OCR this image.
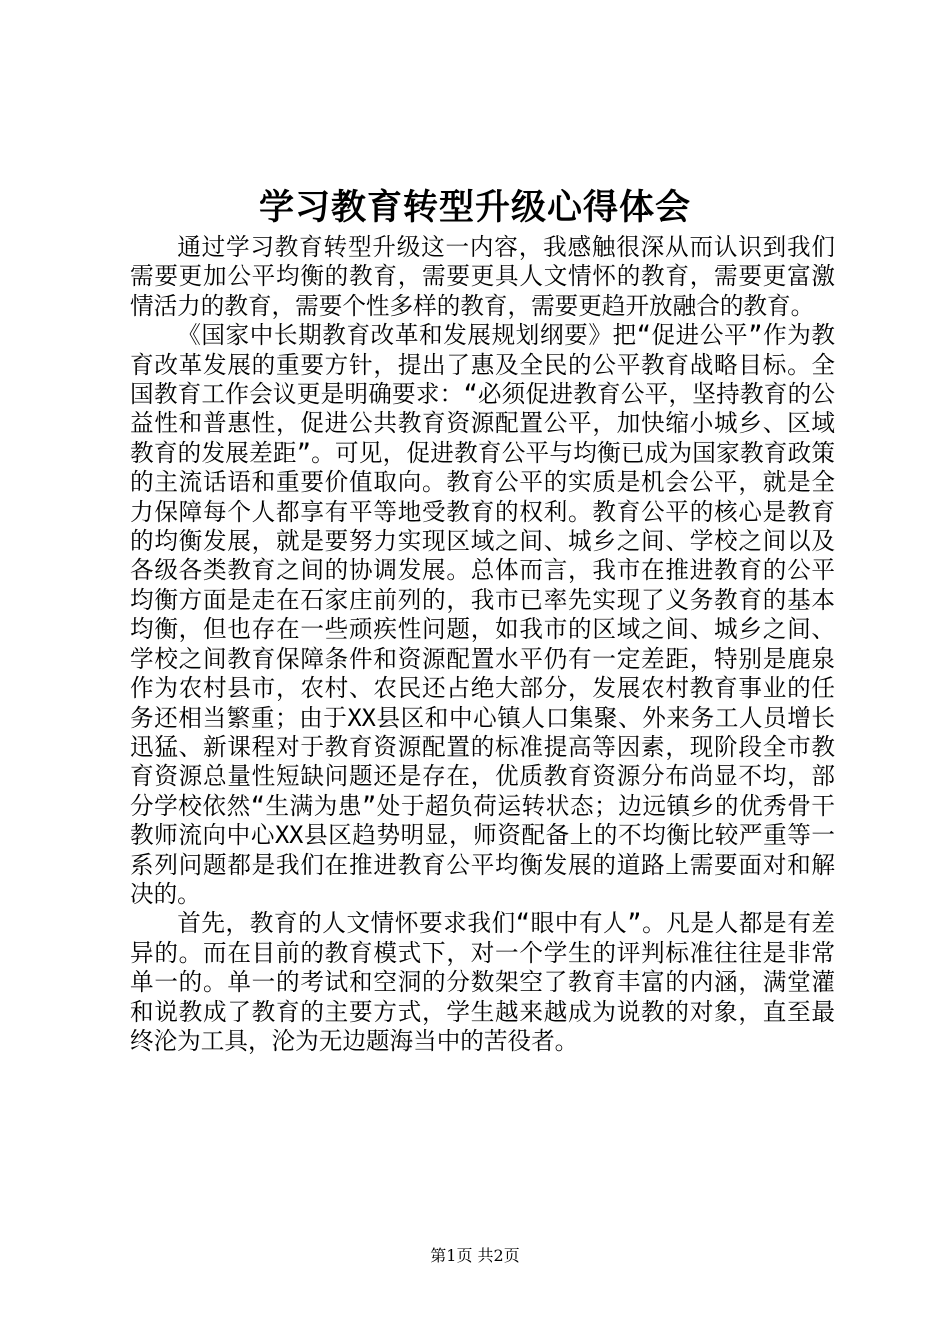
学习教育转型升级心得体会

通过学习教育转型升级这一内容，我感触很深从而认识到我们需要更加公平均衡的教育，需要更具人文情怀的教育，需要更富激情活力的教育，需要个性多样的教育，需要更趋开放融合的教育。

《国家中长期教育改革和发展规划纲要》把“促进公平”作为教育改革发展的重要方针，提出了惠及全民的公平教育战略目标。全国教育工作会议更是明确要求：“必须促进教育公平，坚持教育的公益性和普惠性，促进公共教育资源配置公平，加快缩小城乡、区域教育的发展差距”。可见，促进教育公平与均衡已成为国家教育政策的主流话语和重要价值取向。教育公平的实质是机会公平，就是全力保障每个人都享有平等地受教育的权利。教育公平的核心是教育的均衡发展，就是要努力实现区域之间、城乡之间、学校之间以及各级各类教育之间的协调发展。总体而言，我市在推进教育的公平均衡方面是走在石家庄前列的，我市已率先实现了义务教育的基本均衡，但也存在一些顽疾性问题，如我市的区域之间、城乡之间、学校之间教育保障条件和资源配置水平仍有一定差距，特别是鹿泉作为农村县市，农村、农民还占绝大部分，发展农村教育事业的任务还相当繁重；由于XX县区和中心镇人口集聚、外来务工人员增长迅猛、新课程对于教育资源配置的标准提高等因素，现阶段全市教育资源总量性短缺问题还是存在，优质教育资源分布尚显不均，部分学校依然“生满为患”处于超负荷运转状态；边远镇乡的优秀骨干教师流向中心XX县区趋势明显，师资配备上的不均衡比较严重等一系列问题都是我们在推进教育公平均衡发展的道路上需要面对和解决的。

首先，教育的人文情怀要求我们“眼中有人”。凡是人都是有差异的。而在目前的教育模式下，对一个学生的评判标准往往是非常单一的。单一的考试和空洞的分数架空了教育丰富的内涵，满堂灌和说教成了教育的主要方式，学生越来越成为说教的对象，直至最终沦为工具，沦为无边题海当中的苦役者。

第1页 共2页
